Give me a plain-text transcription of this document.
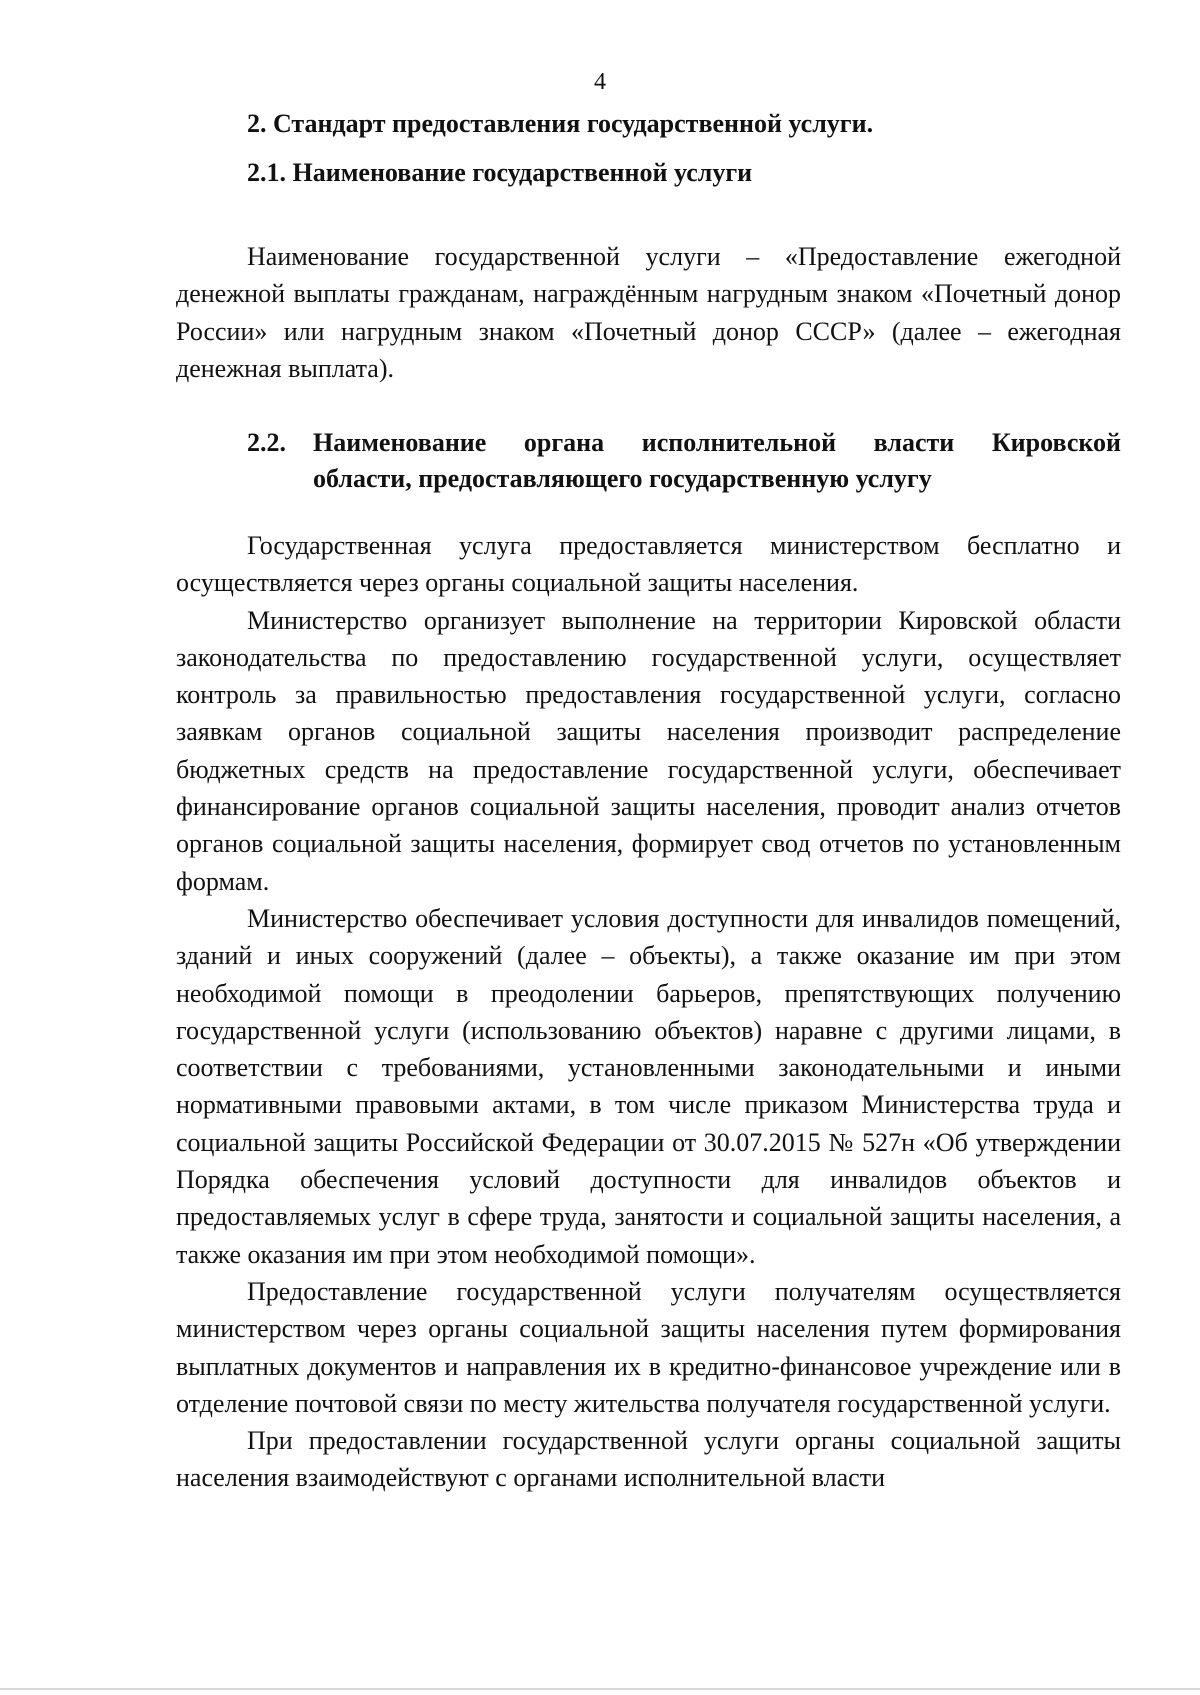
4
2. Стандарт предоставления государственной услуги.
2.1. Наименование государственной услуги

Наименование государственной услуги – «Предоставление ежегодной денежной выплаты гражданам, награждённым нагрудным знаком «Почетный донор России» или нагрудным знаком «Почетный донор СССР» (далее – ежегодная денежная выплата).

2.2. Наименование органа исполнительной власти Кировской
области, предоставляющего государственную услугу

Государственная услуга предоставляется министерством бесплатно и осуществляется через органы социальной защиты населения.

Министерство организует выполнение на территории Кировской области законодательства по предоставлению государственной услуги, осуществляет контроль за правильностью предоставления государственной услуги, согласно заявкам органов социальной защиты населения производит распределение бюджетных средств на предоставление государственной услуги, обеспечивает финансирование органов социальной защиты населения, проводит анализ отчетов органов социальной защиты населения, формирует свод отчетов по установленным формам.

Министерство обеспечивает условия доступности для инвалидов помещений, зданий и иных сооружений (далее – объекты), а также оказание им при этом необходимой помощи в преодолении барьеров, препятствующих получению государственной услуги (использованию объектов) наравне с другими лицами, в соответствии с требованиями, установленными законодательными и иными нормативными правовыми актами, в том числе приказом Министерства труда и социальной защиты Российской Федерации от 30.07.2015 № 527н «Об утверждении Порядка обеспечения условий доступности для инвалидов объектов и предоставляемых услуг в сфере труда, занятости и социальной защиты населения, а также оказания им при этом необходимой помощи».

Предоставление государственной услуги получателям осуществляется министерством через органы социальной защиты населения путем формирования выплатных документов и направления их в кредитно-финансовое учреждение или в отделение почтовой связи по месту жительства получателя государственной услуги.

При предоставлении государственной услуги органы социальной защиты населения взаимодействуют с органами исполнительной власти
